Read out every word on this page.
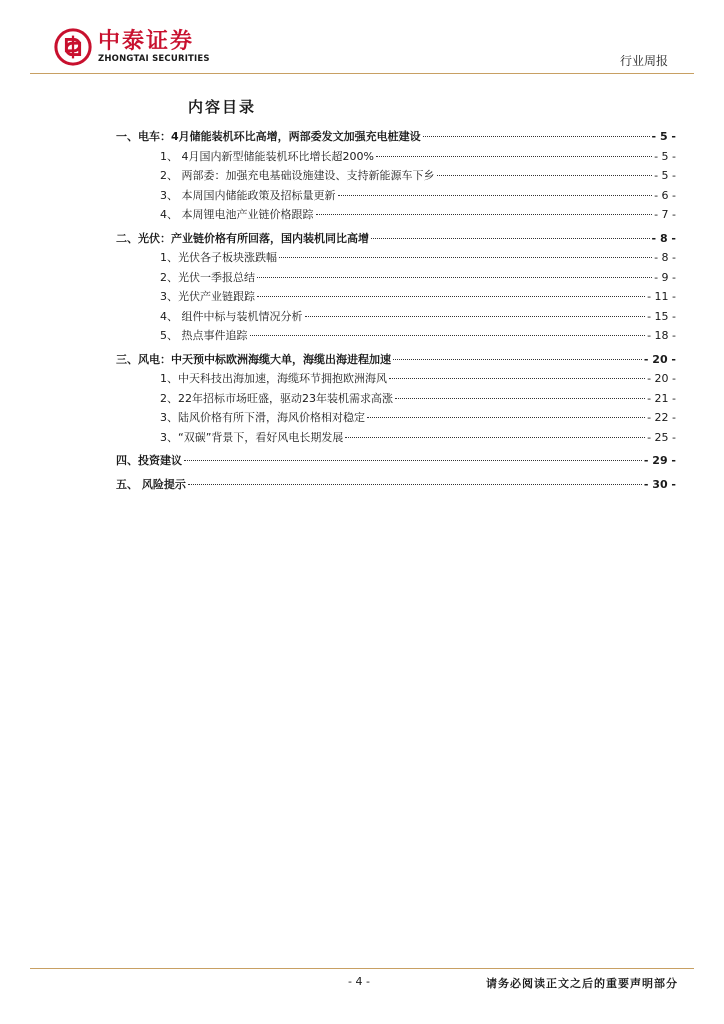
中泰证券
ZHONGTAI SECURITIES	行业周报
内容目录
一、电车：4月储能装机环比高增，两部委发文加强充电桩建设	- 5 -
1、 4月国内新型储能装机环比增长超200%	- 5 -
2、 两部委：加强充电基础设施建设、支持新能源车下乡	- 5 -
3、 本周国内储能政策及招标量更新	- 6 -
4、 本周锂电池产业链价格跟踪	- 7 -
二、光伏：产业链价格有所回落，国内装机同比高增	- 8 -
1、光伏各子板块涨跌幅	- 8 -
2、光伏一季报总结	- 9 -
3、光伏产业链跟踪	- 11 -
4、 组件中标与装机情况分析	- 15 -
5、 热点事件追踪	- 18 -
三、风电：中天预中标欧洲海缆大单，海缆出海进程加速	- 20 -
1、中天科技出海加速，海缆环节拥抱欧洲海风	- 20 -
2、22年招标市场旺盛，驱动23年装机需求高涨	- 21 -
3、陆风价格有所下滑，海风价格相对稳定	- 22 -
3、“双碳”背景下，看好风电长期发展	- 25 -
四、投资建议	- 29 -
五、 风险提示	- 30 -
- 4 -	请务必阅读正文之后的重要声明部分
